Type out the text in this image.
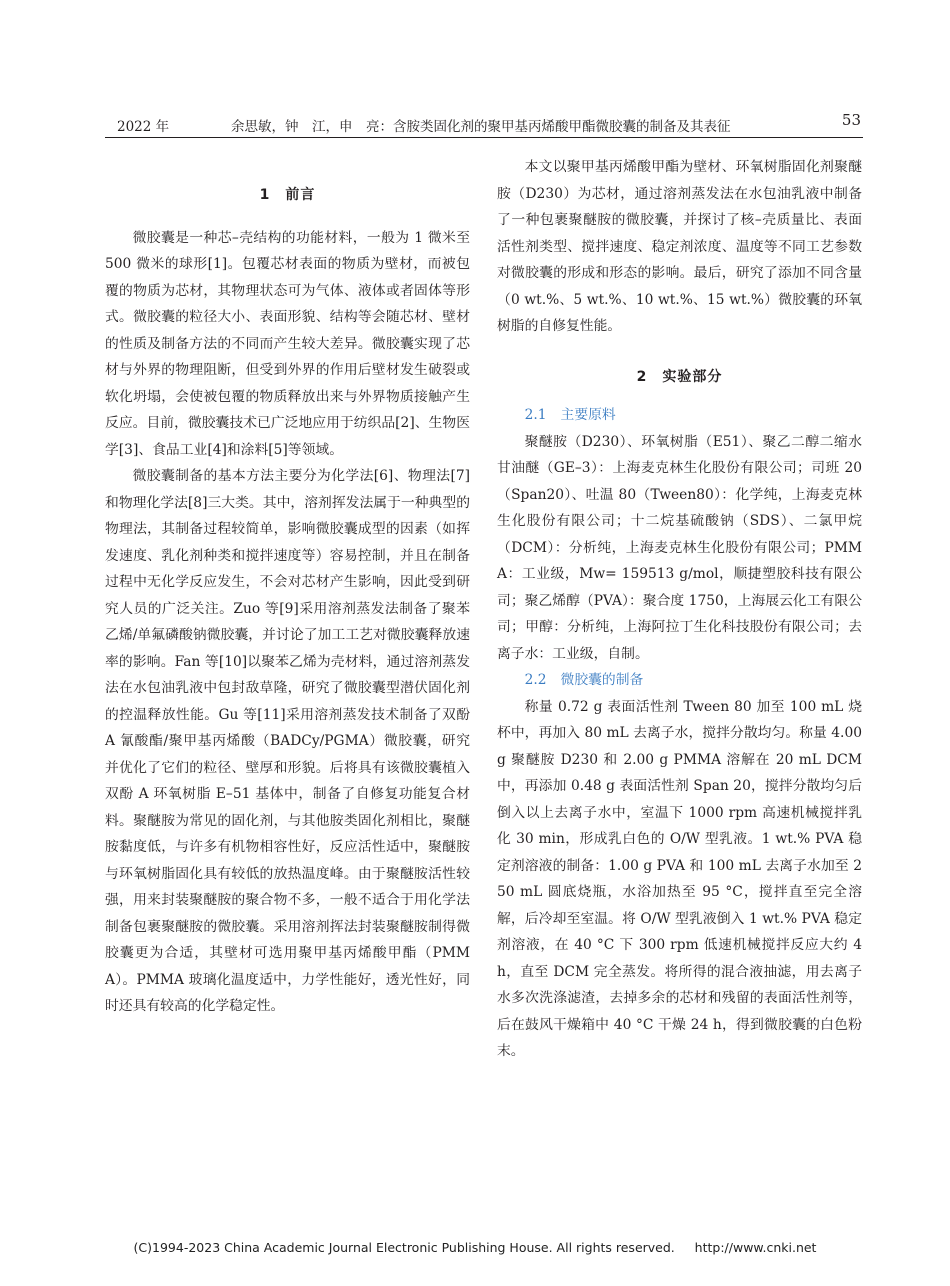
2022 年	余思敏，钟　江，申　亮：含胺类固化剂的聚甲基丙烯酸甲酯微胶囊的制备及其表征	53
1　前言

微胶囊是一种芯–壳结构的功能材料，一般为 1 微米至 500 微米的球形[1]。包覆芯材表面的物质为壁材，而被包覆的物质为芯材，其物理状态可为气体、液体或者固体等形式。微胶囊的粒径大小、表面形貌、结构等会随芯材、壁材的性质及制备方法的不同而产生较大差异。微胶囊实现了芯材与外界的物理阻断，但受到外界的作用后壁材发生破裂或软化坍塌，会使被包覆的物质释放出来与外界物质接触产生反应。目前，微胶囊技术已广泛地应用于纺织品[2]、生物医学[3]、食品工业[4]和涂料[5]等领域。

微胶囊制备的基本方法主要分为化学法[6]、物理法[7]和物理化学法[8]三大类。其中，溶剂挥发法属于一种典型的物理法，其制备过程较简单，影响微胶囊成型的因素（如挥发速度、乳化剂种类和搅拌速度等）容易控制，并且在制备过程中无化学反应发生，不会对芯材产生影响，因此受到研究人员的广泛关注。Zuo 等[9]采用溶剂蒸发法制备了聚苯乙烯/单氟磷酸钠微胶囊，并讨论了加工工艺对微胶囊释放速率的影响。Fan 等[10]以聚苯乙烯为壳材料，通过溶剂蒸发法在水包油乳液中包封敌草隆，研究了微胶囊型潜伏固化剂的控温释放性能。Gu 等[11]采用溶剂蒸发技术制备了双酚 A 氰酸酯/聚甲基丙烯酸（BADCy/PGMA）微胶囊，研究并优化了它们的粒径、壁厚和形貌。后将具有该微胶囊植入双酚 A 环氧树脂 E–51 基体中，制备了自修复功能复合材料。聚醚胺为常见的固化剂，与其他胺类固化剂相比，聚醚胺黏度低，与许多有机物相容性好，反应活性适中，聚醚胺与环氧树脂固化具有较低的放热温度峰。由于聚醚胺活性较强，用来封装聚醚胺的聚合物不多，一般不适合于用化学法制备包裹聚醚胺的微胶囊。采用溶剂挥法封装聚醚胺制得微胶囊更为合适，其壁材可选用聚甲基丙烯酸甲酯（PMMA）。PMMA 玻璃化温度适中，力学性能好，透光性好，同时还具有较高的化学稳定性。

本文以聚甲基丙烯酸甲酯为壁材、环氧树脂固化剂聚醚胺（D230）为芯材，通过溶剂蒸发法在水包油乳液中制备了一种包裹聚醚胺的微胶囊，并探讨了核–壳质量比、表面活性剂类型、搅拌速度、稳定剂浓度、温度等不同工艺参数对微胶囊的形成和形态的影响。最后，研究了添加不同含量（0 wt.%、5 wt.%、10 wt.%、15 wt.%）微胶囊的环氧树脂的自修复性能。

2　实验部分
2.1 主要原料

聚醚胺（D230）、环氧树脂（E51）、聚乙二醇二缩水甘油醚（GE–3）：上海麦克林生化股份有限公司；司班 20（Span20）、吐温 80（Tween80）：化学纯，上海麦克林生化股份有限公司；十二烷基硫酸钠（SDS）、二氯甲烷（DCM）：分析纯，上海麦克林生化股份有限公司；PMMA：工业级，Mw= 159513 g/mol，顺捷塑胶科技有限公司；聚乙烯醇（PVA）：聚合度 1750，上海展云化工有限公司；甲醇：分析纯，上海阿拉丁生化科技股份有限公司；去离子水：工业级，自制。

2.2 微胶囊的制备

称量 0.72 g 表面活性剂 Tween 80 加至 100 mL 烧杯中，再加入 80 mL 去离子水，搅拌分散均匀。称量 4.00 g 聚醚胺 D230 和 2.00 g PMMA 溶解在 20 mL DCM 中，再添加 0.48 g 表面活性剂 Span 20，搅拌分散均匀后倒入以上去离子水中，室温下 1000 rpm 高速机械搅拌乳化 30 min，形成乳白色的 O/W 型乳液。1 wt.% PVA 稳定剂溶液的制备：1.00 g PVA 和 100 mL 去离子水加至 250 mL 圆底烧瓶，水浴加热至 95 °C，搅拌直至完全溶解，后冷却至室温。将 O/W 型乳液倒入 1 wt.% PVA 稳定剂溶液，在 40 °C 下 300 rpm 低速机械搅拌反应大约 4 h，直至 DCM 完全蒸发。将所得的混合液抽滤，用去离子水多次洗涤滤渣，去掉多余的芯材和残留的表面活性剂等，后在鼓风干燥箱中 40 °C 干燥 24 h，得到微胶囊的白色粉末。

(C)1994-2023 China Academic Journal Electronic Publishing House. All rights reserved. http://www.cnki.net
